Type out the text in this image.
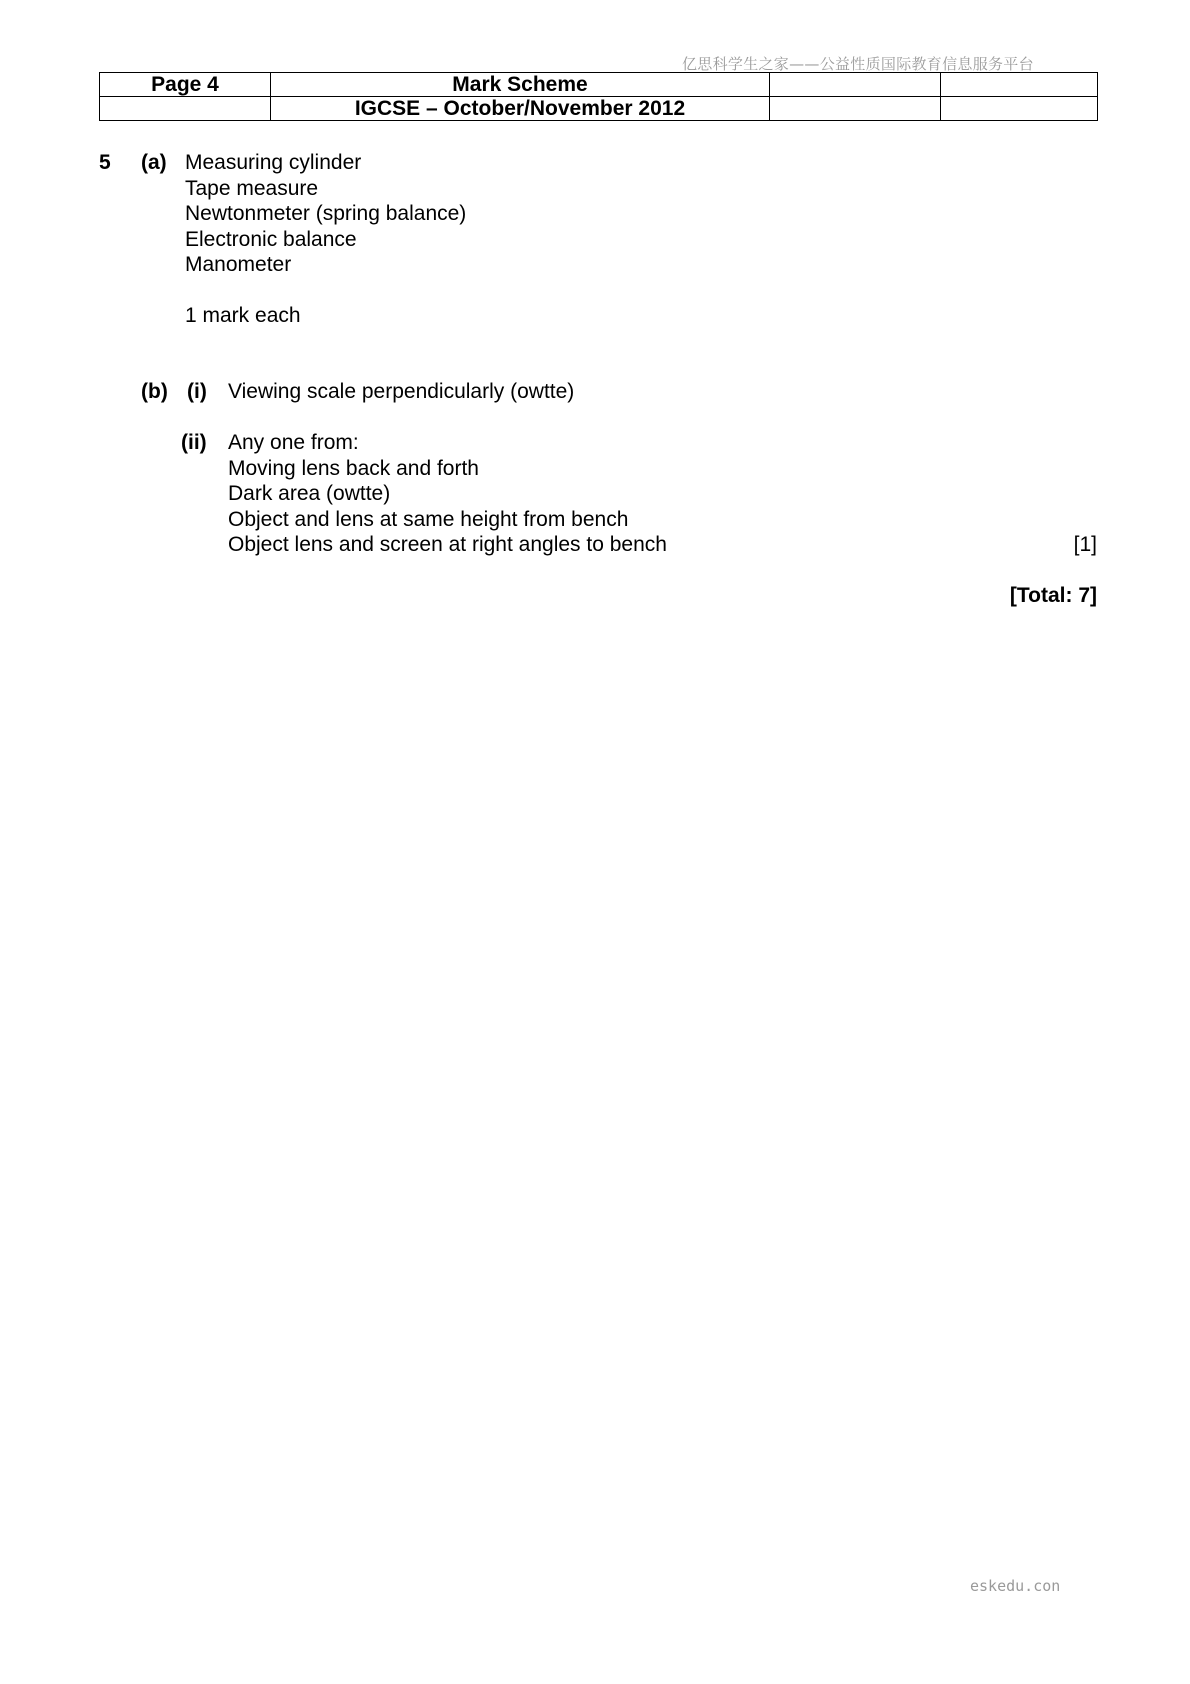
亿思科学生之家——公益性质国际教育信息服务平台
Page 4	Mark Scheme		
	IGCSE – October/November 2012		
5 (a) Measuring cylinder
Tape measure
Newtonmeter (spring balance)
Electronic balance
Manometer
1 mark each
(b) (i) Viewing scale perpendicularly (owtte)
(ii) Any one from:
Moving lens back and forth
Dark area (owtte)
Object and lens at same height from bench
Object lens and screen at right angles to bench	[1]
[Total: 7]
eskedu.con
